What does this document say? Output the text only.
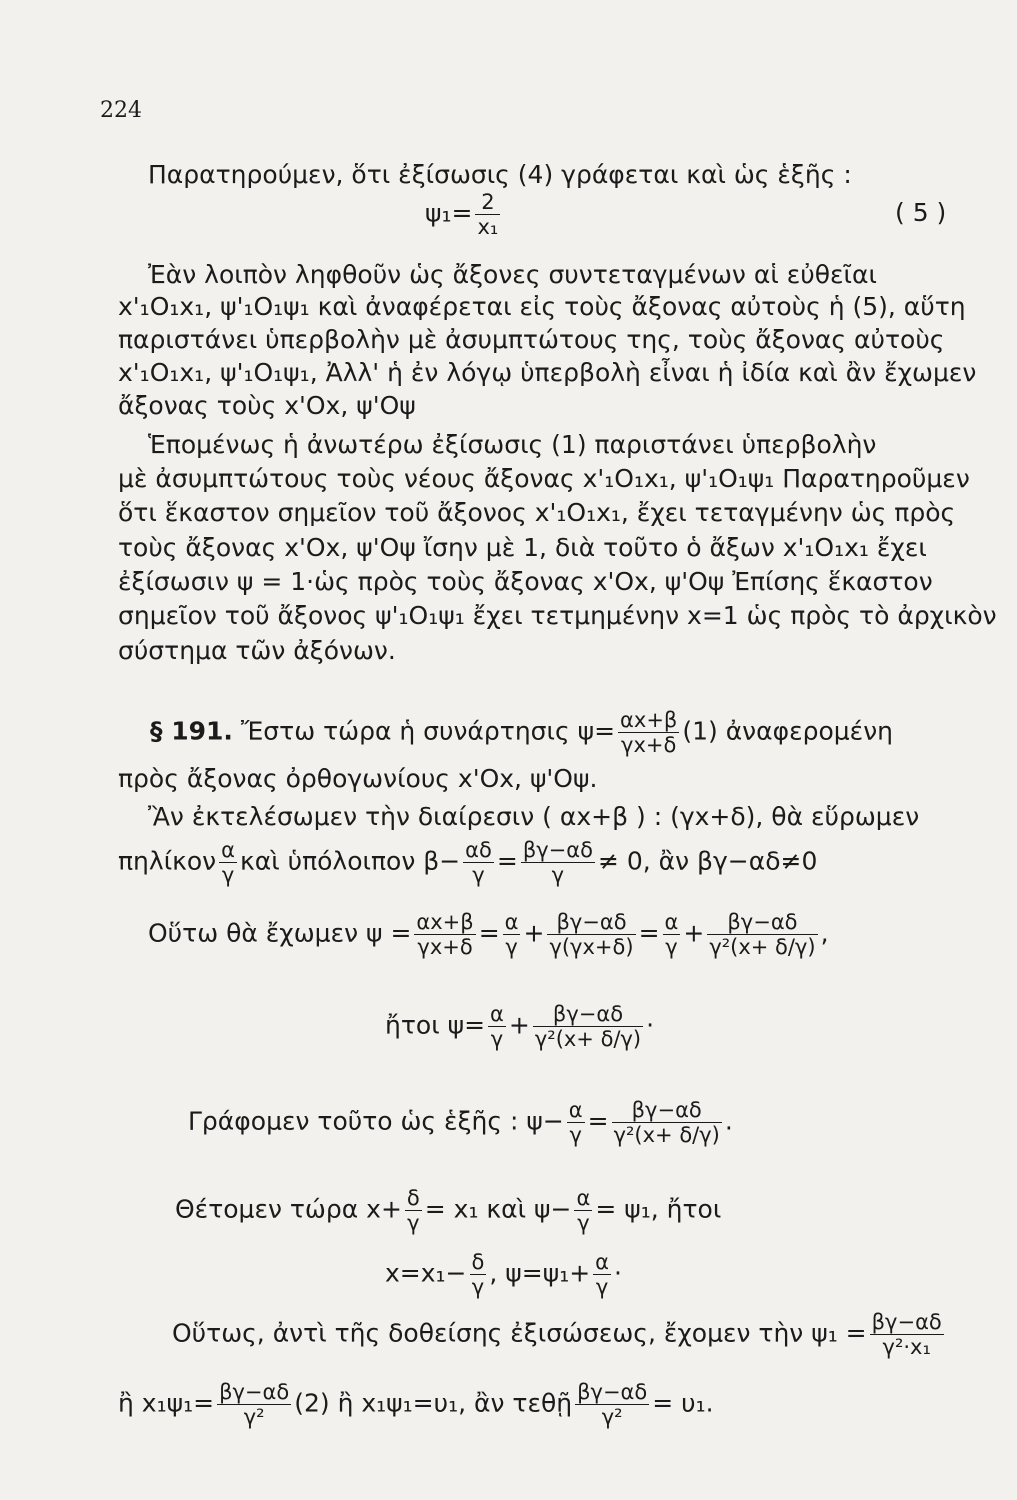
224
Παρατηρούμεν, ὅτι ἐξίσωσις (4) γράφεται καὶ ὡς ἑξῆς :
$\psi_1= \frac{2}{\text{x₁}}$	( 5 )
Ἐὰν λοιπὸν ληφθοῦν ὡς ἄξονες συντεταγμένων αἱ εὐθεῖαι
x'₁O₁x₁, ψ'₁O₁ψ₁ καὶ ἀναφέρεται εἰς τοὺς ἄξονας αὐτοὺς ἡ (5), αὕτη
παριστάνει ὑπερβολὴν μὲ ἀσυμπτώτους της, τοὺς ἄξονας αὐτοὺς
x'₁O₁x₁, ψ'₁O₁ψ₁, Ἀλλ' ἡ ἐν λόγῳ ὑπερβολὴ εἶναι ἡ ἰδία καὶ ἂν ἔχωμεν
ἄξονας τοὺς x'Ox, ψ'Oψ
Ἑπομένως ἡ ἀνωτέρω ἐξίσωσις (1) παριστάνει ὑπερβολὴν
μὲ ἀσυμπτώτους τοὺς νέους ἄξονας x'₁O₁x₁, ψ'₁O₁ψ₁ Παρατηροῦμεν
ὅτι ἕκαστον σημεῖον τοῦ ἄξονος x'₁O₁x₁, ἔχει τεταγμένην ὡς πρὸς
τοὺς ἄξονας x'Ox, ψ'Oψ ἴσην μὲ 1, διὰ τοῦτο ὁ ἄξων x'₁O₁x₁ ἔχει
ἐξίσωσιν ψ = 1·ὡς πρὸς τοὺς ἄξονας x'Ox, ψ'Oψ Ἐπίσης ἕκαστον
σημεῖον τοῦ ἄξονος ψ'₁O₁ψ₁ ἔχει τετμημένην x=1 ὡς πρὸς τὸ ἀρχικὸν
σύστημα τῶν ἀξόνων.
§ 191. Ἔστω τώρα ἡ συνάρτησις $\psi= \frac{\alpha x+\beta}{\gamma x+\delta} (1)$ ἀναφερομένη
πρὸς ἄξονας ὀρθογωνίους x'Ox, ψ'Oψ.
Ἂν ἐκτελέσωμεν τὴν διαίρεσιν ( αx+β ) : (γx+δ), θὰ εὕρωμεν
πηλίκον $\frac{\alpha}{\gamma}$ καὶ ὑπόλοιπον $\beta- \frac{\alpha\delta}{\gamma} = \frac{\beta\gamma-\alpha\delta}{\gamma} \ne 0$, ἂν βγ−αδ≠0
Οὕτω θὰ ἔχωμεν $\psi = \frac{\alpha x+\beta}{\gamma x+\delta} = \frac{\alpha}{\gamma} + \frac{\beta\gamma-\alpha\delta}{\gamma(\gamma x+\delta)} = \frac{\alpha}{\gamma} + \frac{\beta\gamma-\alpha\delta}{\text{γ²(x+ δ/γ)}}$ ,
ἤτοι $\psi= \frac{\alpha}{\gamma} + \frac{\beta\gamma-\alpha\delta}{\text{γ²(x+ δ/γ)}}$ ·
Γράφομεν τοῦτο ὡς ἑξῆς : $\psi- \frac{\alpha}{\gamma} = \frac{\beta\gamma-\alpha\delta}{\text{γ²(x+ δ/γ)}}$ .
Θέτομεν τώρα $x+ \frac{\delta}{\gamma} = x_1$ καὶ $\psi- \frac{\alpha}{\gamma} = \psi_1$, ἤτοι
$x=x_1- \frac{\delta}{\gamma}$ , $\psi=\psi_1+ \frac{\alpha}{\gamma}$ ·
Οὕτως, ἀντὶ τῆς δοθείσης ἐξισώσεως, ἔχομεν τὴν $\psi_1 = \frac{\beta\gamma-\alpha\delta}{\text{γ²·x₁}}$
ἢ $x_1\psi_1= \frac{\beta\gamma-\alpha\delta}{\text{γ²}} (2)$ ἢ x₁ψ₁=υ₁, ἂν τεθῇ $\frac{\beta\gamma-\alpha\delta}{\text{γ²}} = \upsilon_1$.
